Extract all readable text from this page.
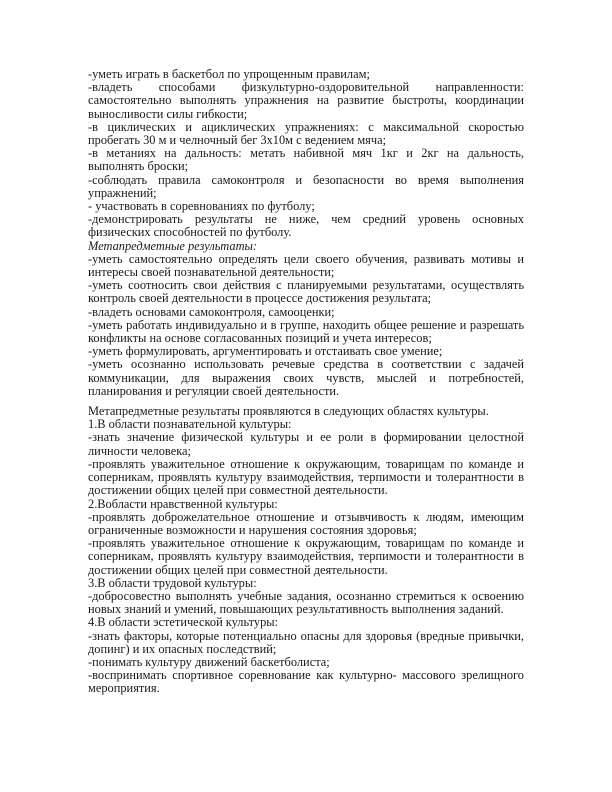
-уметь играть в баскетбол по упрощенным правилам;

-владеть способами физкультурно-оздоровительной направленности: самостоятельно выполнять упражнения на развитие быстроты, координации выносливости силы гибкости;

-в циклических и ациклических упражнениях: с максимальной скоростью пробегать 30 м и челночный бег 3х10м с ведением мяча;

-в метаниях на дальность: метать набивной мяч 1кг и 2кг на дальность, выполнять броски;

-соблюдать правила самоконтроля и безопасности во время выполнения упражнений;

- участвовать в соревнованиях по футболу;

-демонстрировать результаты не ниже, чем средний уровень основных физических способностей по футболу.

Метапредметные результаты:

-уметь самостоятельно определять цели своего обучения, развивать мотивы и интересы своей познавательной деятельности;

-уметь соотносить свои действия с планируемыми результатами, осуществлять контроль своей деятельности в процессе достижения результата;

-владеть основами самоконтроля, самооценки;

-уметь работать индивидуально и в группе, находить общее решение и разрешать конфликты на основе согласованных позиций и учета интересов;

-уметь формулировать, аргументировать и отстаивать свое умение;

-уметь осознанно использовать речевые средства в соответствии с задачей коммуникации, для выражения своих чувств, мыслей и потребностей, планирования и регуляции своей деятельности.

Метапредметные результаты проявляются в следующих областях культуры.

1.В области познавательной культуры:

-знать значение физической культуры и ее роли в формировании целостной личности человека;

-проявлять уважительное отношение к окружающим, товарищам по команде и соперникам, проявлять культуру взаимодействия, терпимости и толерантности в достижении общих целей при совместной деятельности.

2.Вобласти нравственной культуры:

-проявлять доброжелательное отношение и отзывчивость к людям, имеющим ограниченные возможности и нарушения состояния здоровья;

-проявлять уважительное отношение к окружающим, товарищам по команде и соперникам, проявлять культуру взаимодействия, терпимости и толерантности в достижении общих целей при совместной деятельности.

3.В области трудовой культуры:

-добросовестно выполнять учебные задания, осознанно стремиться к освоению новых знаний и умений, повышающих результативность выполнения заданий.

4.В области эстетической культуры:

-знать факторы, которые потенциально опасны для здоровья (вредные привычки, допинг) и их опасных последствий;

-понимать культуру движений баскетболиста;

-воспринимать спортивное соревнование как культурно- массового зрелищного мероприятия.
